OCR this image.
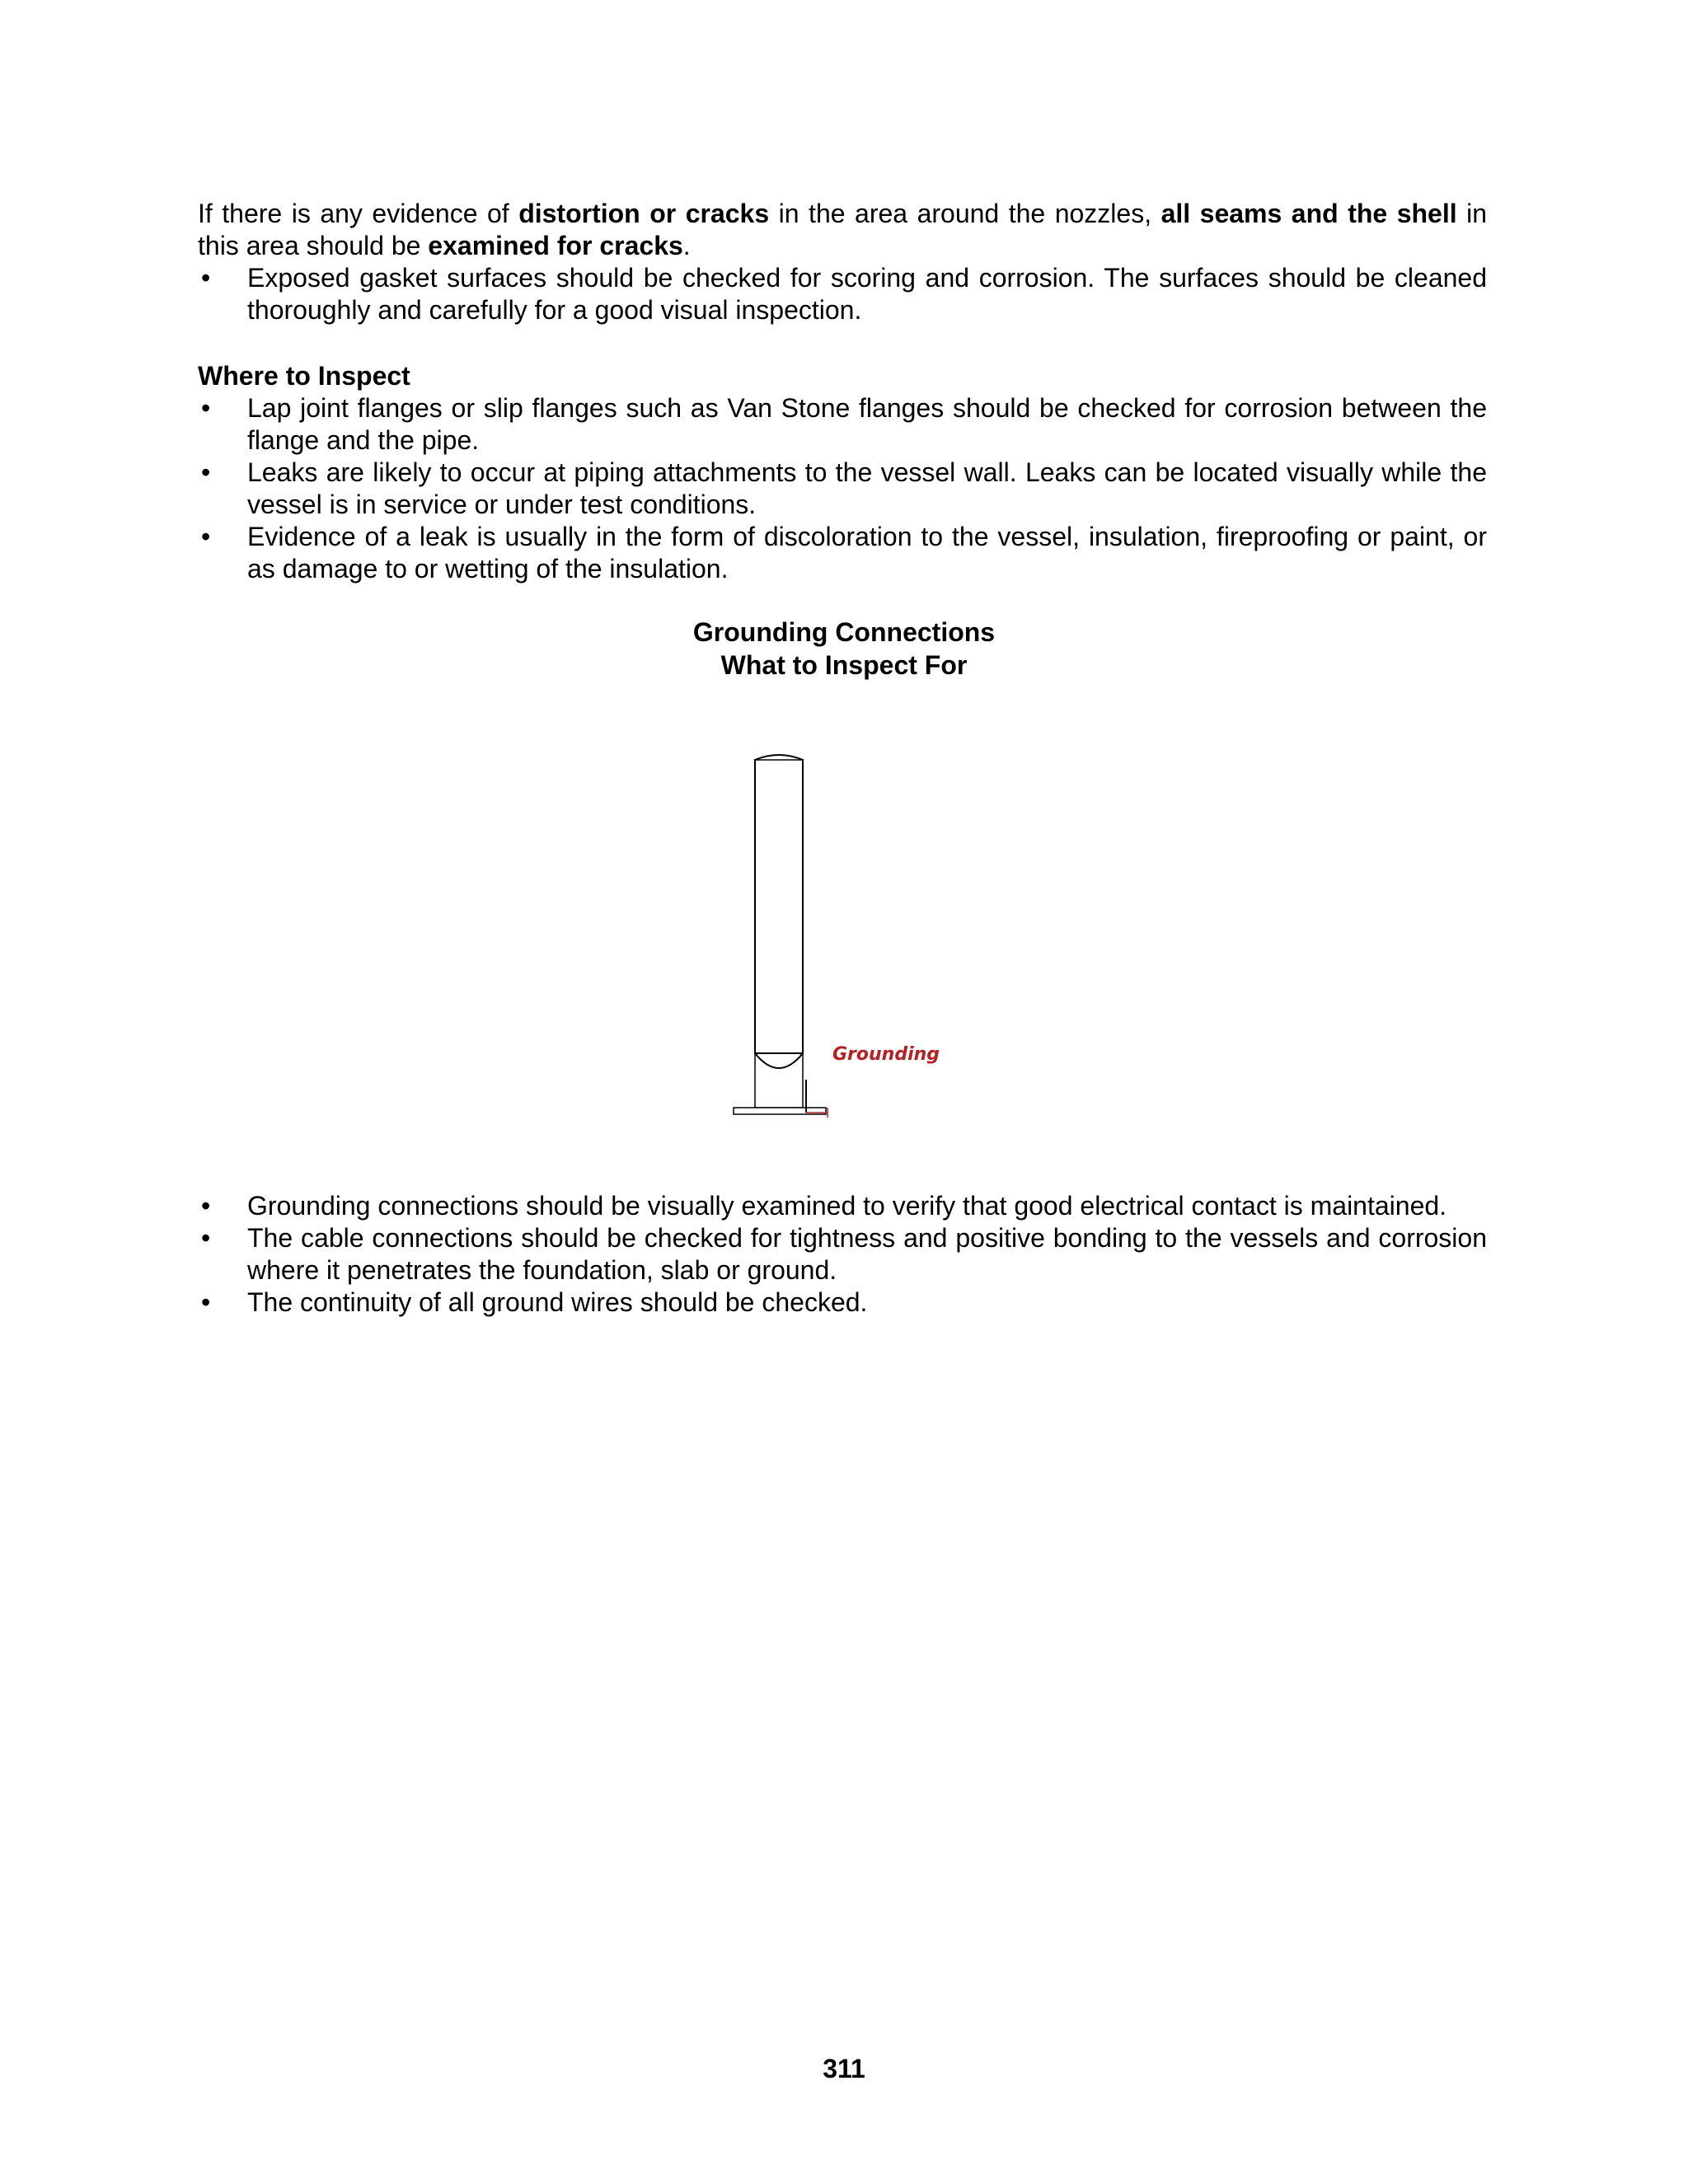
If there is any evidence of distortion or cracks in the area around the nozzles, all seams and the shell in this area should be examined for cracks.

• Exposed gasket surfaces should be checked for scoring and corrosion. The surfaces should be cleaned thoroughly and carefully for a good visual inspection.

Where to Inspect

• Lap joint flanges or slip flanges such as Van Stone flanges should be checked for corrosion between the flange and the pipe.
• Leaks are likely to occur at piping attachments to the vessel wall. Leaks can be located visually while the vessel is in service or under test conditions.
• Evidence of a leak is usually in the form of discoloration to the vessel, insulation, fireproofing or paint, or as damage to or wetting of the insulation.
Grounding Connections
What to Inspect For
Grounding
• Grounding connections should be visually examined to verify that good electrical contact is maintained.
• The cable connections should be checked for tightness and positive bonding to the vessels and corrosion where it penetrates the foundation, slab or ground.
• The continuity of all ground wires should be checked.
311
